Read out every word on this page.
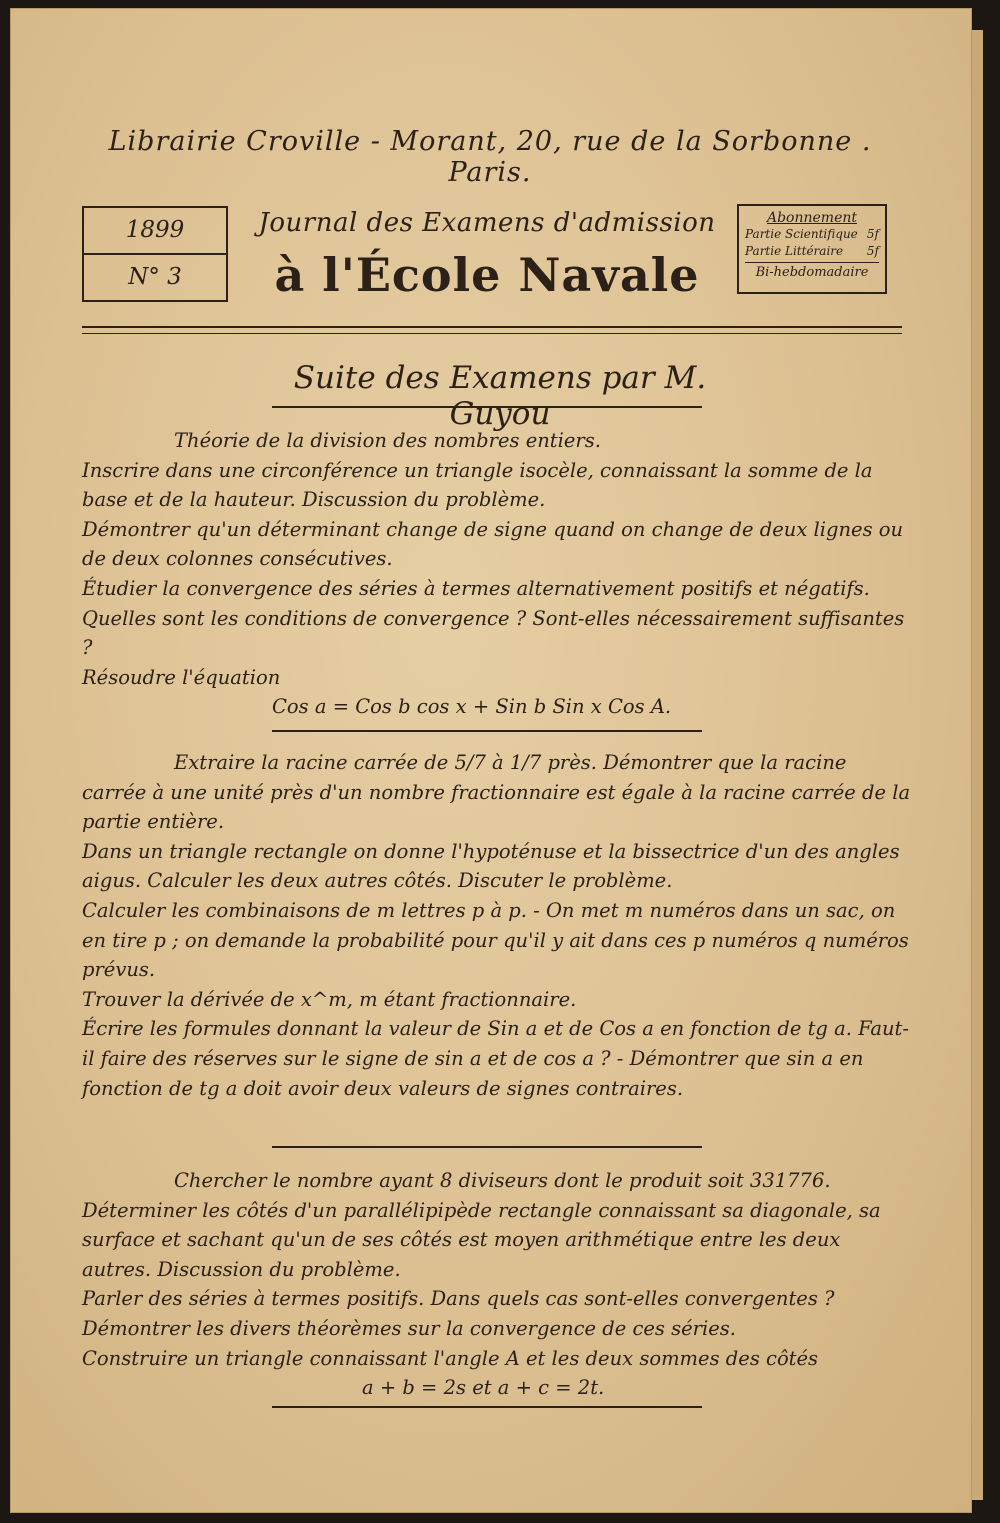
Librairie Croville - Morant, 20, rue de la Sorbonne . Paris.
1899
N° 3
Journal des Examens d'admission
à l'École Navale
Abonnement
Partie Scientifique 5f
Partie Littéraire 5f
Bi-hebdomadaire
Suite des Examens par M. Guyou
Théorie de la division des nombres entiers.
Inscrire dans une circonférence un triangle isocèle, connaissant la somme de la base et de la hauteur. Discussion du problème.
Démontrer qu'un déterminant change de signe quand on change de deux lignes ou de deux colonnes consécutives.
Étudier la convergence des séries à termes alternativement positifs et négatifs. Quelles sont les conditions de convergence ? Sont-elles nécessairement suffisantes ?
Résoudre l'équation
Cos a = Cos b cos x + Sin b Sin x Cos A.
Extraire la racine carrée de 5/7 à 1/7 près. Démontrer que la racine carrée à une unité près d'un nombre fractionnaire est égale à la racine carrée de la partie entière.
Dans un triangle rectangle on donne l'hypoténuse et la bissectrice d'un des angles aigus. Calculer les deux autres côtés. Discuter le problème.
Calculer les combinaisons de m lettres p à p. - On met m numéros dans un sac, on en tire p ; on demande la probabilité pour qu'il y ait dans ces p numéros q numéros prévus.
Trouver la dérivée de x^m, m étant fractionnaire.
Écrire les formules donnant la valeur de Sin a et de Cos a en fonction de tg a. Faut-il faire des réserves sur le signe de sin a et de cos a ? - Démontrer que sin a en fonction de tg a doit avoir deux valeurs de signes contraires.
Chercher le nombre ayant 8 diviseurs dont le produit soit 331776.
Déterminer les côtés d'un parallélipipède rectangle connaissant sa diagonale, sa surface et sachant qu'un de ses côtés est moyen arithmétique entre les deux autres. Discussion du problème.
Parler des séries à termes positifs. Dans quels cas sont-elles convergentes ? Démontrer les divers théorèmes sur la convergence de ces séries.
Construire un triangle connaissant l'angle A et les deux sommes des côtés
a + b = 2s et a + c = 2t.
